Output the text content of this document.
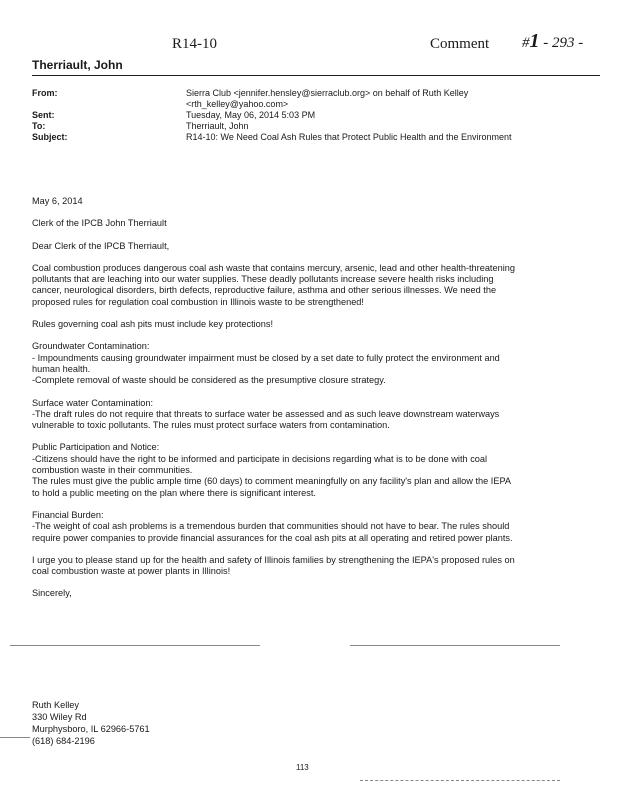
R14-10	Comment #1 - 293 -
Therriault, John
From:	Sierra Club <jennifer.hensley@sierraclub.org> on behalf of Ruth Kelley
<rth_kelley@yahoo.com>
Sent:	Tuesday, May 06, 2014 5:03 PM
To:	Therriault, John
Subject:	R14-10: We Need Coal Ash Rules that Protect Public Health and the Environment

May 6, 2014

Clerk of the IPCB John Therriault

Dear Clerk of the IPCB Therriault,

Coal combustion produces dangerous coal ash waste that contains mercury, arsenic, lead and other health-threatening
pollutants that are leaching into our water supplies. These deadly pollutants increase severe health risks including
cancer, neurological disorders, birth defects, reproductive failure, asthma and other serious illnesses. We need the
proposed rules for regulation coal combustion in Illinois waste to be strengthened!

Rules governing coal ash pits must include key protections!

Groundwater Contamination:
- Impoundments causing groundwater impairment must be closed by a set date to fully protect the environment and
human health.
-Complete removal of waste should be considered as the presumptive closure strategy.
Surface water Contamination:
-The draft rules do not require that threats to surface water be assessed and as such leave downstream waterways
vulnerable to toxic pollutants. The rules must protect surface waters from contamination.
Public Participation and Notice:
-Citizens should have the right to be informed and participate in decisions regarding what is to be done with coal
combustion waste in their communities.
The rules must give the public ample time (60 days) to comment meaningfully on any facility's plan and allow the IEPA
to hold a public meeting on the plan where there is significant interest.
Financial Burden:
-The weight of coal ash problems is a tremendous burden that communities should not have to bear. The rules should
require power companies to provide financial assurances for the coal ash pits at all operating and retired power plants.
I urge you to please stand up for the health and safety of Illinois families by strengthening the IEPA's proposed rules on
coal combustion waste at power plants in Illinois!

Sincerely,

Ruth Kelley
330 Wiley Rd
Murphysboro, IL 62966-5761
(618) 684-2196
113
